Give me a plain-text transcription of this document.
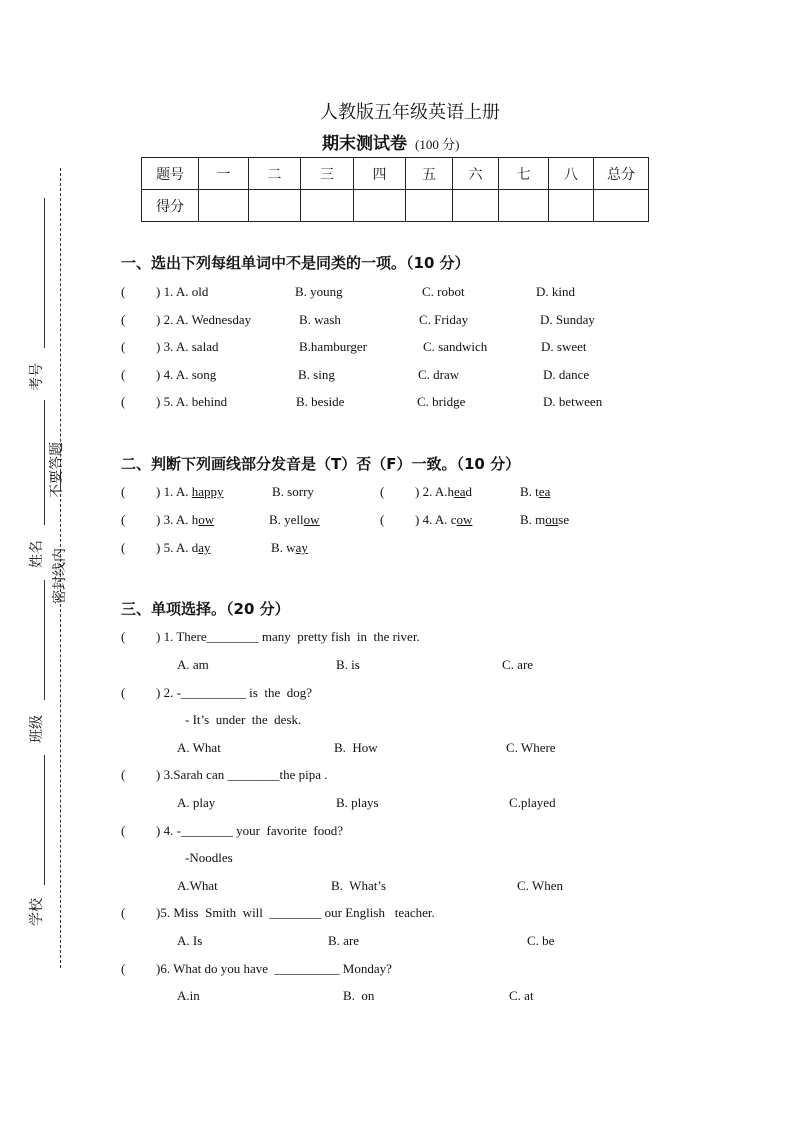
考号
不要答题
姓名 密封线内
班级
学校
人教版五年级英语上册
期末测试卷 (100 分)
题号	一	二	三	四	五	六	七	八	总分
得分									
一、选出下列每组单词中不是同类的一项。（10 分）
( ) 1. A. old	B. young	C. robot	D. kind
( ) 2. A. Wednesday	B. wash	C. Friday	D. Sunday
( ) 3. A. salad	B.hamburger	C. sandwich	D. sweet
( ) 4. A. song	B. sing	C. draw	D. dance
( ) 5. A. behind	B. beside	C. bridge	D. between
二、判断下列画线部分发音是（T）否（F）一致。（10 分）
( ) 1. A. happy	B. sorry	( ) 2. A.head	B. tea
( ) 3. A. how	B. yellow	( ) 4. A. cow	B. mouse
( ) 5. A. day	B. way
三、单项选择。（20 分）
( ) 1. There________ many  pretty fish  in  the river.
A. am	B. is	C. are
( ) 2. -__________ is  the  dog?
- It’s  under  the  desk.
A. What	B.  How	C. Where
( ) 3.Sarah can ________the pipa .
A. play	B. plays	C.played
( ) 4. -________ your  favorite  food?
-Noodles
A.What	B.  What’s	C. When
( )5. Miss  Smith  will  ________ our English   teacher.
A. Is	B. are	C. be
( )6. What do you have  __________ Monday?
A.in	B.  on	C. at
